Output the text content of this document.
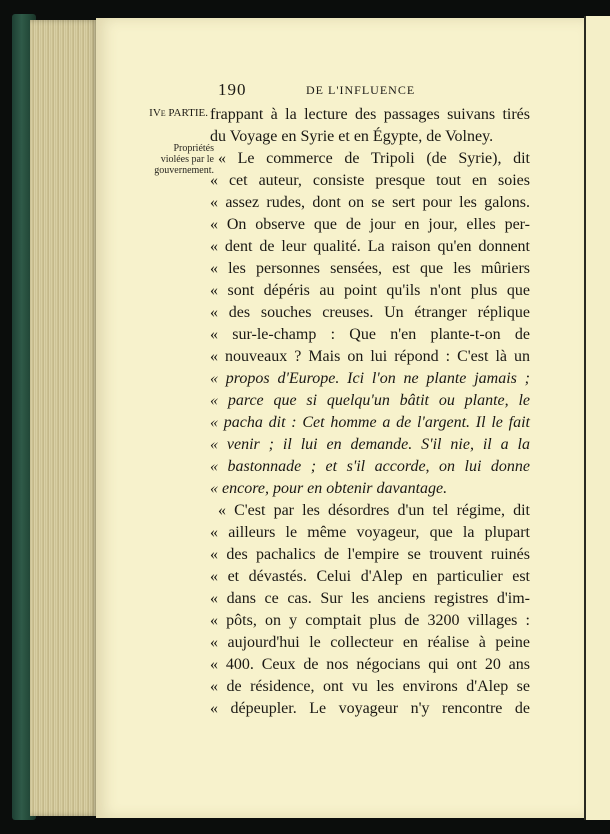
190	DE L'INFLUENCE
IVe PARTIE.
Propriétés
violées par le
gouvernement.
frappant à la lecture des passages suivans tirés
du Voyage en Syrie et en Égypte, de Volney.
« Le commerce de Tripoli (de Syrie), dit
« cet auteur, consiste presque tout en soies
« assez rudes, dont on se sert pour les galons.
« On observe que de jour en jour, elles per-
« dent de leur qualité. La raison qu'en donnent
« les personnes sensées, est que les mûriers
« sont dépéris au point qu'ils n'ont plus que
« des souches creuses. Un étranger réplique
« sur-le-champ : Que n'en plante-t-on de
« nouveaux ? Mais on lui répond : C'est là un
« propos d'Europe. Ici l'on ne plante jamais ;
« parce que si quelqu'un bâtit ou plante, le
« pacha dit : Cet homme a de l'argent. Il le fait
« venir ; il lui en demande. S'il nie, il a la
« bastonnade ; et s'il accorde, on lui donne
« encore, pour en obtenir davantage.
« C'est par les désordres d'un tel régime, dit
« ailleurs le même voyageur, que la plupart
« des pachalics de l'empire se trouvent ruinés
« et dévastés. Celui d'Alep en particulier est
« dans ce cas. Sur les anciens registres d'im-
« pôts, on y comptait plus de 3200 villages :
« aujourd'hui le collecteur en réalise à peine
« 400. Ceux de nos négocians qui ont 20 ans
« de résidence, ont vu les environs d'Alep se
« dépeupler. Le voyageur n'y rencontre de
